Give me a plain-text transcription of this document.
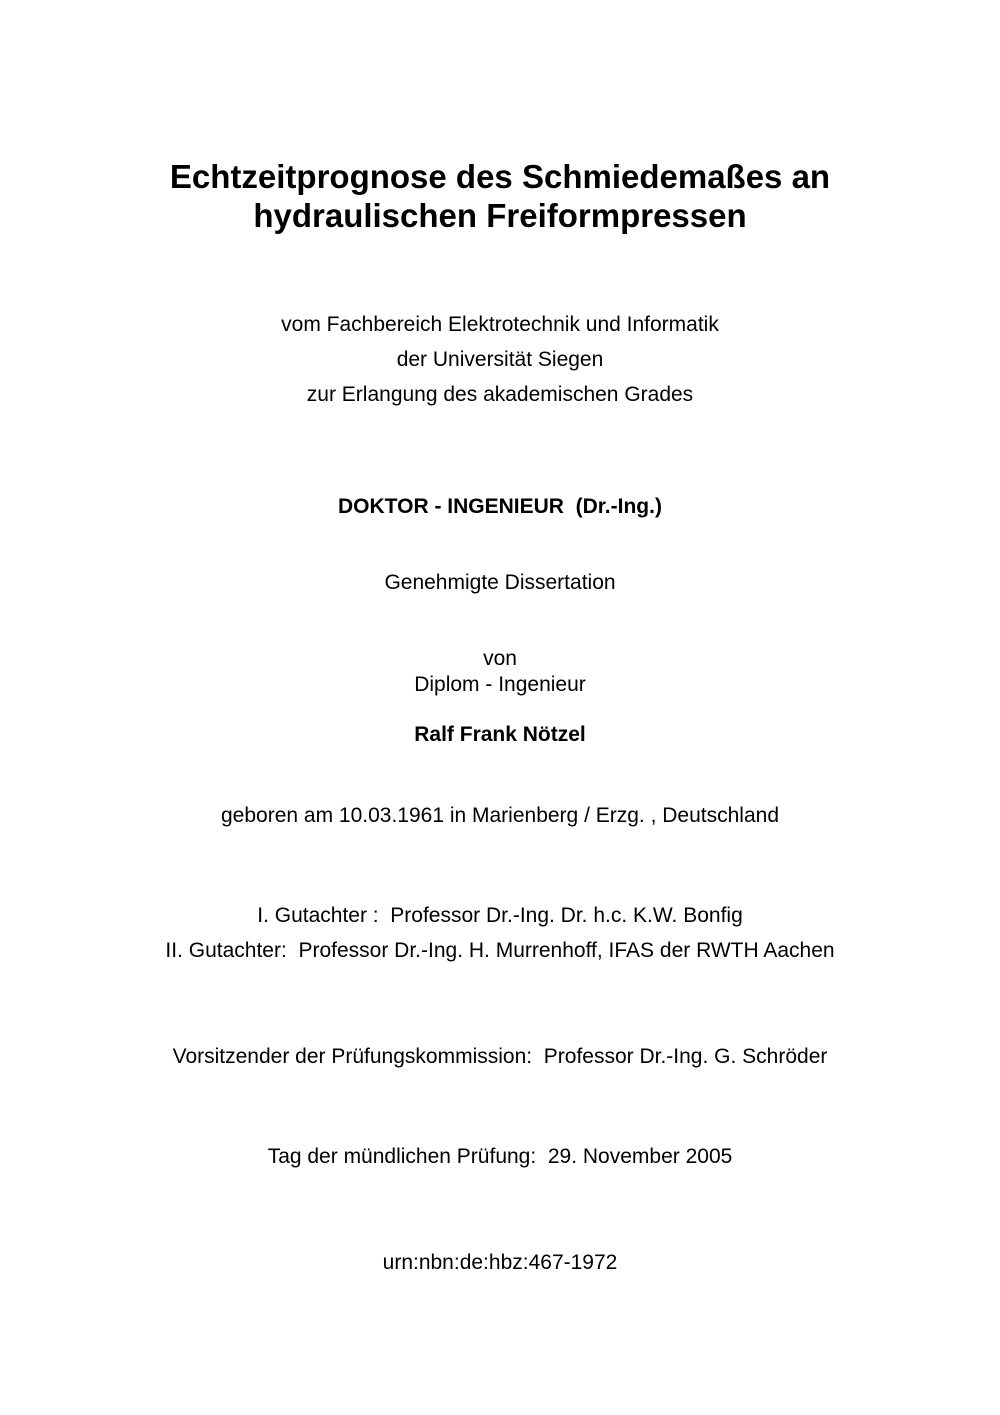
Echtzeitprognose des Schmiedemaßes an
hydraulischen Freiformpressen
vom Fachbereich Elektrotechnik und Informatik
der Universität Siegen
zur Erlangung des akademischen Grades
DOKTOR - INGENIEUR  (Dr.-Ing.)
Genehmigte Dissertation
von
Diplom - Ingenieur
Ralf Frank Nötzel
geboren am 10.03.1961 in Marienberg / Erzg. , Deutschland
I. Gutachter :  Professor Dr.-Ing. Dr. h.c. K.W. Bonfig
II. Gutachter:  Professor Dr.-Ing. H. Murrenhoff, IFAS der RWTH Aachen
Vorsitzender der Prüfungskommission:  Professor Dr.-Ing. G. Schröder
Tag der mündlichen Prüfung:  29. November 2005
urn:nbn:de:hbz:467-1972
